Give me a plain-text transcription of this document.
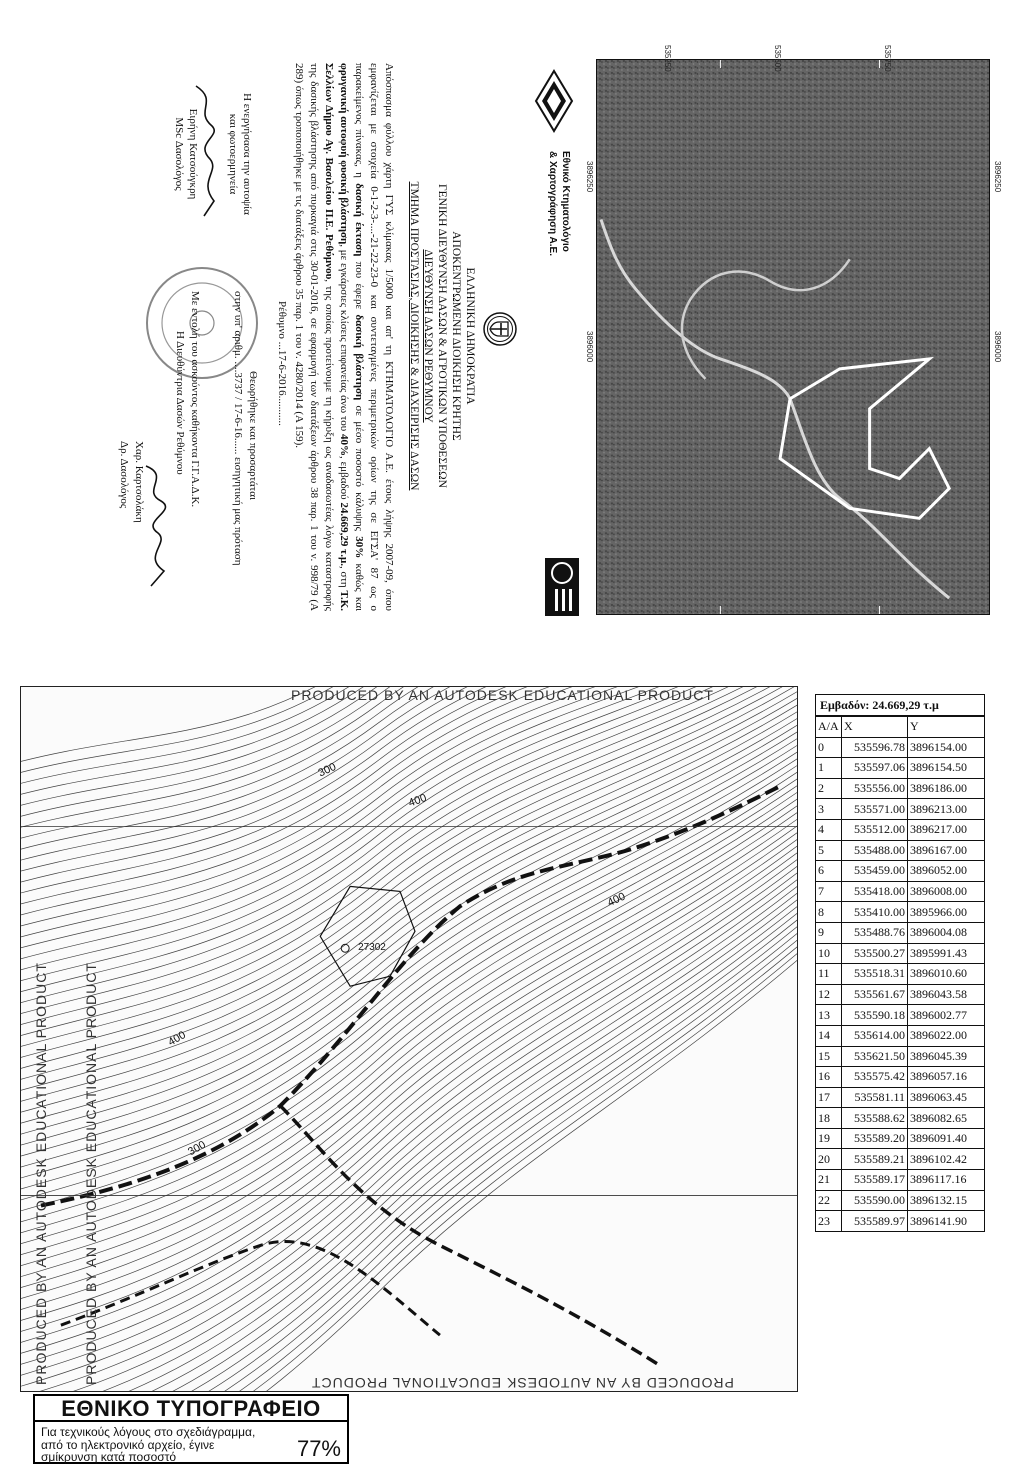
3896250
3896000
3896250
3896000
535750
535500
535250
Εθνικό Κτηματολόγιο
& Χαρτογράφηση Α.Ε.
ΕΛΛΗΝΙΚΗ ΔΗΜΟΚΡΑΤΙΑ
ΑΠΟΚΕΝΤΡΩΜΕΝΗ ΔΙΟΙΚΗΣΗ ΚΡΗΤΗΣ
ΓΕΝΙΚΗ ΔΙΕΥΘΥΝΣΗ ΔΑΣΩΝ & ΑΓΡΟΤΙΚΩΝ ΥΠΟΘΕΣΕΩΝ
ΔΙΕΥΘΥΝΣΗ ΔΑΣΩΝ ΡΕΘΥΜΝΟΥ
ΤΜΗΜΑ ΠΡΟΣΤΑΣΙΑΣ, ΔΙΟΙΚΗΣΗΣ & ΔΙΑΧΕΙΡΙΣΗΣ ΔΑΣΩΝ
Απόσπασμα φύλλου χάρτη ΓΥΣ κλίμακας 1/5000 και απ' τη ΚΤΗΜΑΤΟΛΟΓΙΟ Α.Ε. έτους λήψης 2007-09, όπου εμφανίζεται με στοιχεία 0-1-2-3-....-21-22-23-0 και συντεταγμένες περιμετρικών ορίων της σε ΕΓΣΑ' 87 ως ο παρακείμενος πίνακας, η δασική έκταση που έφερε δασική βλάστηση σε μέσο ποσοστό κάλυψης 30% καθώς και φρυγανική αυτοφυή φυσική βλάστηση, με εγκάρσιες κλίσεις επιφανείας άνω του 40%, εμβαδού 24.669,29 τ.μ., στη Τ.Κ. Σελλίων Δήμου Αγ. Βασιλείου Π.Ε. Ρεθύμνου, της οποίας προτείνουμε τη κήρυξη ως αναδασωτέας λόγω καταστροφής της δασικής βλάστησης από πυρκαγιά στις 30-01-2016, σε εφαρμογή των διατάξεων άρθρου 38 παρ. 1 του ν. 998/79 (Α 289) όπως τροποποιήθηκε με τις διατάξεις άρθρου 35 παρ. 1 του ν. 4280/2014 (Α 159).
Ρέθυμνο ...17-6-2016...........
Η ενεργήσασα την αυτοψία
και φωτοερμηνεία
Ειρήνη Κατσούγκρη
MSc Δασολόγος
Θεωρήθηκε και προσαρτάται
στην υπ' αριθμ. ....3737 / 17-6-16...... εισηγητική μας πρόταση
Με εντολή του ασκούντος καθήκοντα Γ.Γ.Α.Δ.Κ.
Η Διευθύντρια Δασών Ρεθύμνου
Χαρ. Καρτσολάκη
Δρ. Δασολόγος
27302
400
300
400
300
400
PRODUCED BY AN AUTODESK EDUCATIONAL PRODUCT
PRODUCED BY AN AUTODESK EDUCATIONAL PRODUCT
PRODUCED BY AN AUTODESK EDUCATIONAL PRODUCT PRODUCED BY AN AUTODESK EDUCATIONAL PRODUCT
Εμβαδόν: 24.669,29 τ.μ
Α/Α	X	Y
0	535596.78	3896154.00
1	535597.06	3896154.50
2	535556.00	3896186.00
3	535571.00	3896213.00
4	535512.00	3896217.00
5	535488.00	3896167.00
6	535459.00	3896052.00
7	535418.00	3896008.00
8	535410.00	3895966.00
9	535488.76	3896004.08
10	535500.27	3895991.43
11	535518.31	3896010.60
12	535561.67	3896043.58
13	535590.18	3896002.77
14	535614.00	3896022.00
15	535621.50	3896045.39
16	535575.42	3896057.16
17	535581.11	3896063.45
18	535588.62	3896082.65
19	535589.20	3896091.40
20	535589.21	3896102.42
21	535589.17	3896117.16
22	535590.00	3896132.15
23	535589.97	3896141.90
ΕΘΝΙΚΟ ΤΥΠΟΓΡΑΦΕΙΟ
Για τεχνικούς λόγους στο σχεδιάγραμμα,
από το ηλεκτρονικό αρχείο, έγινε
σμίκρυνση κατά ποσοστό	77%
